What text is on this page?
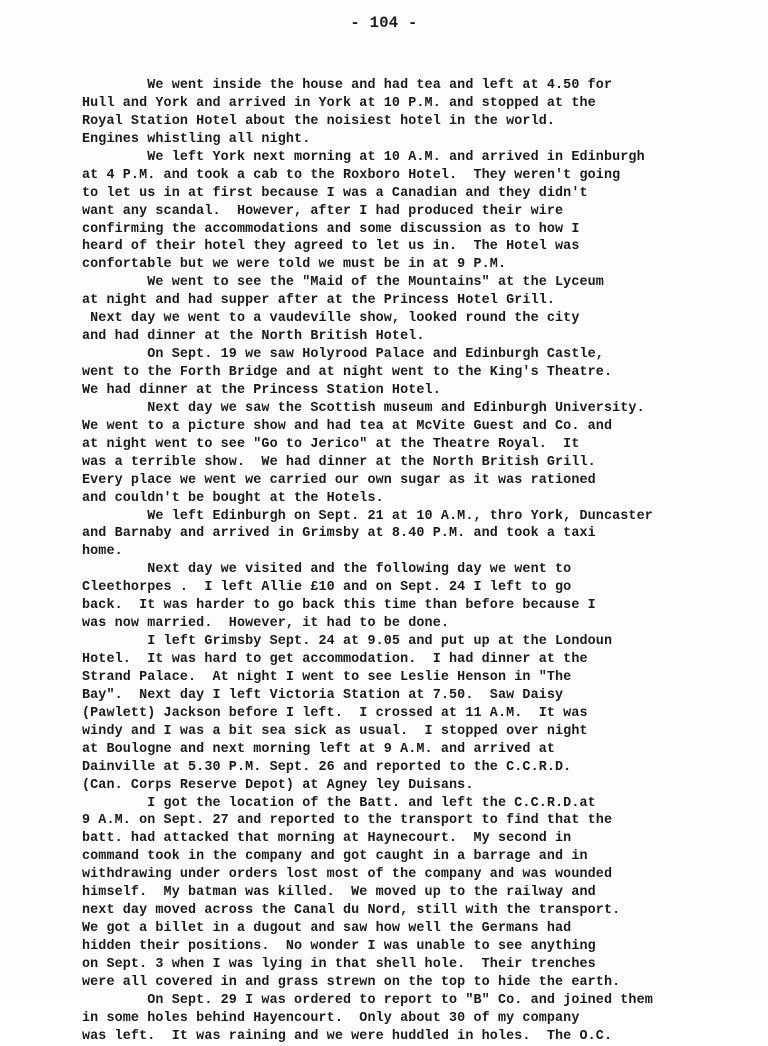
- 104 -
We went inside the house and had tea and left at 4.50 for
Hull and York and arrived in York at 10 P.M. and stopped at the
Royal Station Hotel about the noisiest hotel in the world.
Engines whistling all night.
We left York next morning at 10 A.M. and arrived in Edinburgh
at 4 P.M. and took a cab to the Roxboro Hotel.  They weren't going
to let us in at first because I was a Canadian and they didn't
want any scandal.  However, after I had produced their wire
confirming the accommodations and some discussion as to how I
heard of their hotel they agreed to let us in.  The Hotel was
confortable but we were told we must be in at 9 P.M.
We went to see the "Maid of the Mountains" at the Lyceum
at night and had supper after at the Princess Hotel Grill.
Next day we went to a vaudeville show, looked round the city
and had dinner at the North British Hotel.
On Sept. 19 we saw Holyrood Palace and Edinburgh Castle,
went to the Forth Bridge and at night went to the King's Theatre.
We had dinner at the Princess Station Hotel.
Next day we saw the Scottish museum and Edinburgh University.
We went to a picture show and had tea at McVite Guest and Co. and
at night went to see "Go to Jerico" at the Theatre Royal.  It
was a terrible show.  We had dinner at the North British Grill.
Every place we went we carried our own sugar as it was rationed
and couldn't be bought at the Hotels.
We left Edinburgh on Sept. 21 at 10 A.M., thro York, Duncaster
and Barnaby and arrived in Grimsby at 8.40 P.M. and took a taxi
home.
Next day we visited and the following day we went to
Cleethorpes .  I left Allie £10 and on Sept. 24 I left to go
back.  It was harder to go back this time than before because I
was now married.  However, it had to be done.
I left Grimsby Sept. 24 at 9.05 and put up at the Londoun
Hotel.  It was hard to get accommodation.  I had dinner at the
Strand Palace.  At night I went to see Leslie Henson in "The
Bay".  Next day I left Victoria Station at 7.50.  Saw Daisy
(Pawlett) Jackson before I left.  I crossed at 11 A.M.  It was
windy and I was a bit sea sick as usual.  I stopped over night
at Boulogne and next morning left at 9 A.M. and arrived at
Dainville at 5.30 P.M. Sept. 26 and reported to the C.C.R.D.
(Can. Corps Reserve Depot) at Agney ley Duisans.
I got the location of the Batt. and left the C.C.R.D.at
9 A.M. on Sept. 27 and reported to the transport to find that the
batt. had attacked that morning at Haynecourt.  My second in
command took in the company and got caught in a barrage and in
withdrawing under orders lost most of the company and was wounded
himself.  My batman was killed.  We moved up to the railway and
next day moved across the Canal du Nord, still with the transport.
We got a billet in a dugout and saw how well the Germans had
hidden their positions.  No wonder I was unable to see anything
on Sept. 3 when I was lying in that shell hole.  Their trenches
were all covered in and grass strewn on the top to hide the earth.
On Sept. 29 I was ordered to report to "B" Co. and joined them
in some holes behind Hayencourt.  Only about 30 of my company
was left.  It was raining and we were huddled in holes.  The O.C.
